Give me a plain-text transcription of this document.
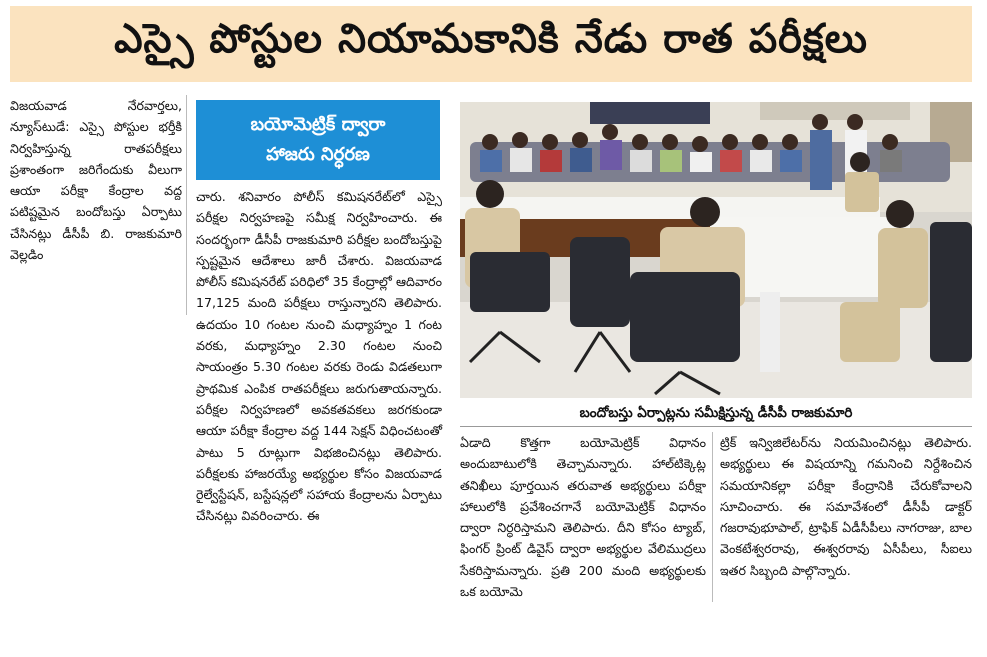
ఎస్సై పోస్టుల నియామకానికి నేడు రాత పరీక్షలు

విజయవాడ నేరవార్తలు, న్యూస్‌టుడే: ఎస్సై పోస్టుల భర్తీకి నిర్వహిస్తున్న రాతపరీక్షలు ప్రశాంతంగా జరిగేందుకు వీలుగా ఆయా పరీక్షా కేంద్రాల వద్ద పటిష్టమైన బందోబస్తు ఏర్పాటు చేసినట్లు డీసీపీ బి. రాజకుమారి వెల్లడిం

బయోమెట్రిక్ ద్వారా
హాజరు నిర్ధరణ

చారు. శనివారం పోలీస్ కమిషనరేట్‌లో ఎస్సై పరీక్షల నిర్వహణపై సమీక్ష నిర్వహించారు. ఈ సందర్భంగా డీసీపీ రాజకుమారి పరీక్షల బందోబస్తుపై స్పష్టమైన ఆదేశాలు జారీ చేశారు. విజయవాడ పోలీస్ కమిషనరేట్ పరిధిలో 35 కేంద్రాల్లో ఆదివారం 17,125 మంది పరీక్షలు రాస్తున్నారని తెలిపారు. ఉదయం 10 గంటల నుంచి మధ్యాహ్నం 1 గంట వరకు, మధ్యాహ్నం 2.30 గంటల నుంచి సాయంత్రం 5.30 గంటల వరకు రెండు విడతలుగా ప్రాథమిక ఎంపిక రాతపరీక్షలు జరుగుతాయన్నారు. పరీక్షల నిర్వహణలో అవకతవకలు జరగకుండా ఆయా పరీక్షా కేంద్రాల వద్ద 144 సెక్షన్ విధించటంతో పాటు 5 రూట్లుగా విభజించినట్లు తెలిపారు. పరీక్షలకు హాజరయ్యే అభ్యర్థుల కోసం విజయవాడ రైల్వేస్టేషన్, బస్టేషన్లలో సహాయ కేంద్రాలను ఏర్పాటు చేసినట్లు వివరించారు. ఈ

బందోబస్తు ఏర్పాట్లను సమీక్షిస్తున్న డీసీపీ రాజకుమారి

ఏడాది కొత్తగా బయోమెట్రిక్ విధానం అందుబాటులోకి తెచ్చామన్నారు. హాల్‌టిక్కెట్ల తనిఖీలు పూర్తయిన తరువాత అభ్యర్థులు పరీక్షా హాలులోకి ప్రవేశించగానే బయోమెట్రిక్ విధానం ద్వారా నిర్ధరిస్తామని తెలిపారు. దీని కోసం ట్యాబ్, ఫింగర్ ప్రింట్ డివైస్ ద్వారా అభ్యర్థుల వేలిముద్రలు సేకరిస్తామన్నారు. ప్రతి 200 మంది అభ్యర్థులకు ఒక బయోమె

ట్రిక్ ఇన్విజిలేటర్‌ను నియమించినట్లు తెలిపారు. అభ్యర్థులు ఈ విషయాన్ని గమనించి నిర్దేశించిన సమయానికల్లా పరీక్షా కేంద్రానికి చేరుకోవాలని సూచించారు. ఈ సమావేశంలో డీసీపీ డాక్టర్ గజరావుభూపాల్, ట్రాఫిక్ ఏడీసీపీలు నాగరాజు, బాల వెంకటేశ్వరరావు, ఈశ్వరరావు ఏసీపీలు, సీఐలు ఇతర సిబ్బంది పాల్గొన్నారు.
